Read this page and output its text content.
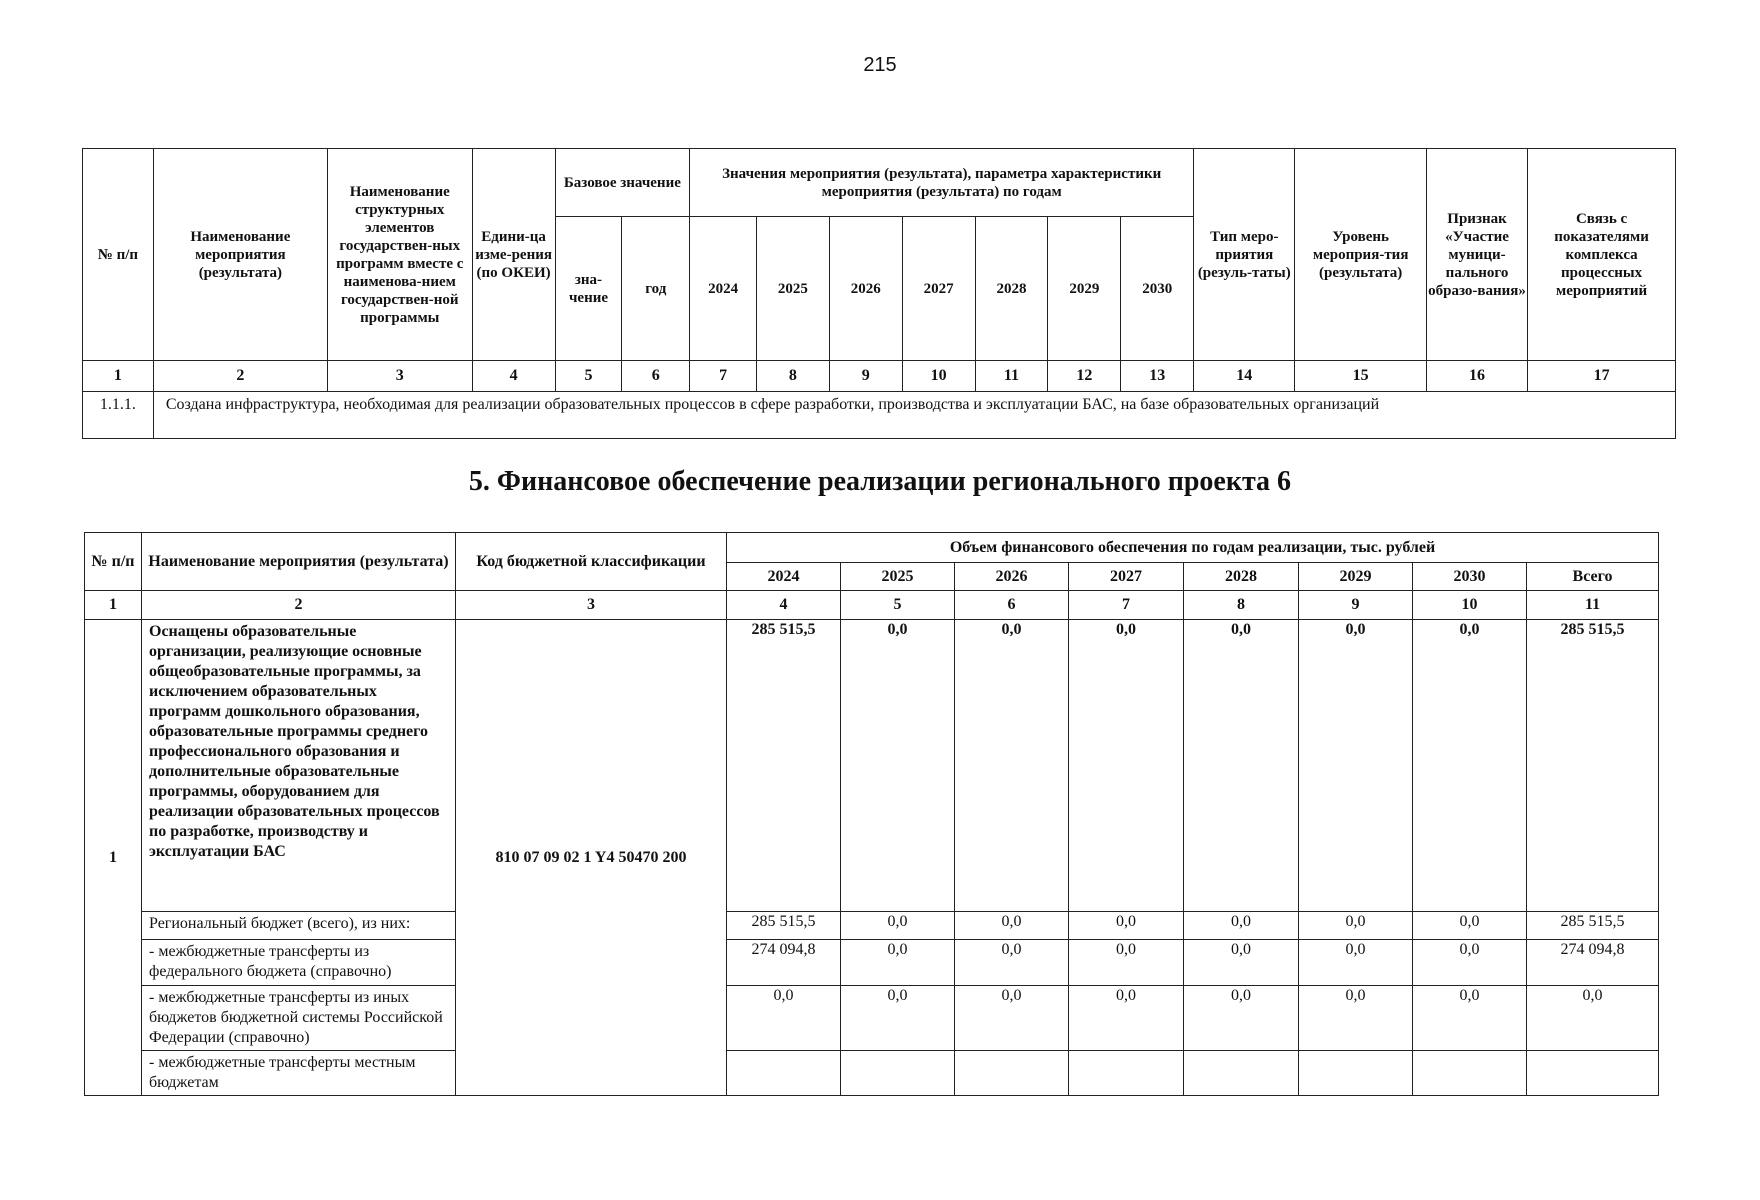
215
№ п/п	Наименование мероприятия (результата)	Наименование структурных элементов государствен-ных программ вместе с наименова-нием государствен-ной программы	Едини-ца изме-рения (по ОКЕИ)	Базовое значение		Значения мероприятия (результата), параметра характеристики мероприятия (результата) по годам							Тип меро-приятия (резуль-таты)	Уровень мероприя-тия (результата)	Признак «Участие муници-пального образо-вания»	Связь с показателями комплекса процессных мероприятий
				зна-чение	год	2024	2025	2026	2027	2028	2029	2030				
1	2	3	4	5	6	7	8	9	10	11	12	13	14	15	16	17
1.1.1.	Создана инфраструктура, необходимая для реализации образовательных процессов в сфере разработки, производства и эксплуатации БАС, на базе образовательных организаций															
5. Финансовое обеспечение реализации регионального проекта 6
№ п/п	Наименование мероприятия (результата)	Код бюджетной классификации	Объем финансового обеспечения по годам реализации, тыс. рублей							
			2024	2025	2026	2027	2028	2029	2030	Всего
1	2	3	4	5	6	7	8	9	10	11
1	Оснащены образовательные организации, реализующие основные общеобразовательные программы, за исключением образовательных программ дошкольного образования, образовательные программы среднего профессионального образования и дополнительные образовательные программы, оборудованием для реализации образовательных процессов по разработке, производству и эксплуатации БАС	810 07 09 02 1 Y4 50470 200	285 515,5	0,0	0,0	0,0	0,0	0,0	0,0	285 515,5
	Региональный бюджет (всего), из них:		285 515,5	0,0	0,0	0,0	0,0	0,0	0,0	285 515,5
	- межбюджетные трансферты из федерального бюджета (справочно)		274 094,8	0,0	0,0	0,0	0,0	0,0	0,0	274 094,8
	- межбюджетные трансферты из иных бюджетов бюджетной системы Российской Федерации (справочно)		0,0	0,0	0,0	0,0	0,0	0,0	0,0	0,0
	- межбюджетные трансферты местным бюджетам									
